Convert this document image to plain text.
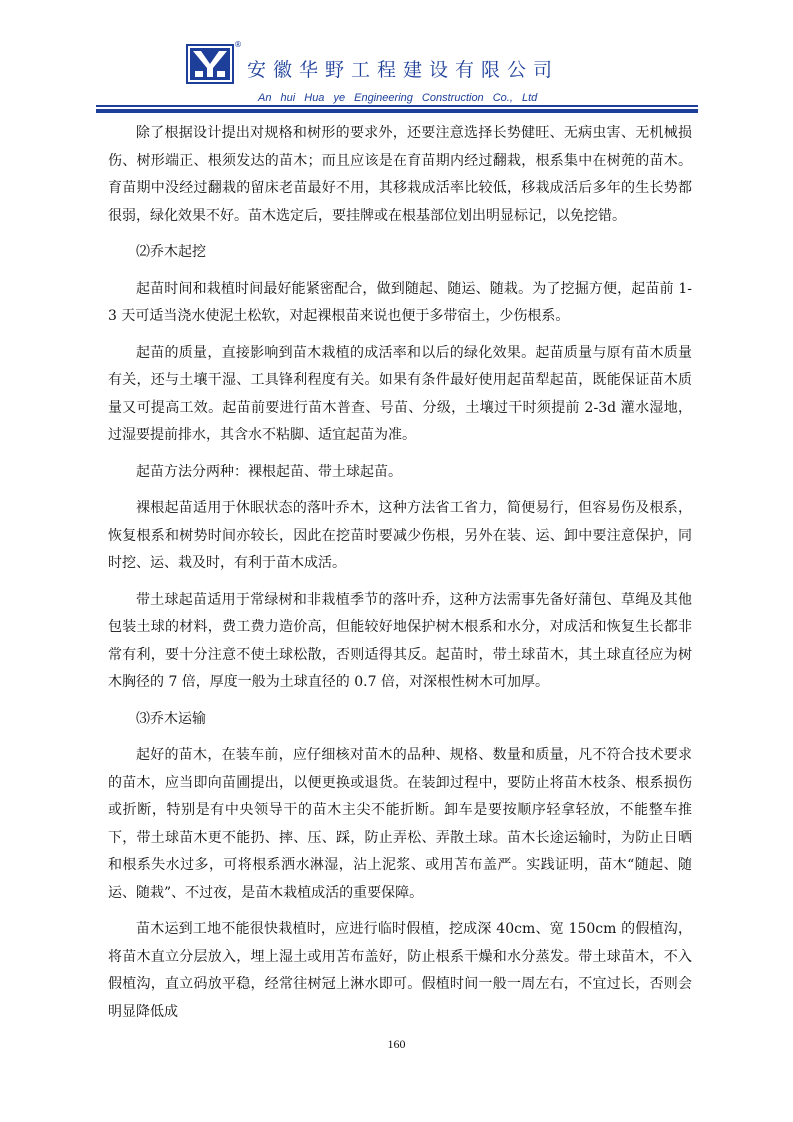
®
安徽华野工程建设有限公司
An hui Hua ye Engineering Construction Co., Ltd

除了根据设计提出对规格和树形的要求外，还要注意选择长势健旺、无病虫害、无机械损伤、树形端正、根须发达的苗木；而且应该是在育苗期内经过翻栽，根系集中在树蔸的苗木。育苗期中没经过翻栽的留床老苗最好不用，其移栽成活率比较低，移栽成活后多年的生长势都很弱，绿化效果不好。苗木选定后，要挂牌或在根基部位划出明显标记，以免挖错。

⑵乔木起挖

起苗时间和栽植时间最好能紧密配合，做到随起、随运、随栽。为了挖掘方便，起苗前 1-3 天可适当浇水使泥土松软，对起裸根苗来说也便于多带宿土，少伤根系。

起苗的质量，直接影响到苗木栽植的成活率和以后的绿化效果。起苗质量与原有苗木质量有关，还与土壤干湿、工具锋利程度有关。如果有条件最好使用起苗犁起苗，既能保证苗木质量又可提高工效。起苗前要进行苗木普查、号苗、分级，土壤过干时须提前 2-3d 灌水湿地，过湿要提前排水，其含水不粘脚、适宜起苗为准。

起苗方法分两种：裸根起苗、带土球起苗。

裸根起苗适用于休眠状态的落叶乔木，这种方法省工省力，简便易行，但容易伤及根系，恢复根系和树势时间亦较长，因此在挖苗时要减少伤根，另外在装、运、卸中要注意保护，同时挖、运、栽及时，有利于苗木成活。

带土球起苗适用于常绿树和非栽植季节的落叶乔，这种方法需事先备好蒲包、草绳及其他包装土球的材料，费工费力造价高，但能较好地保护树木根系和水分，对成活和恢复生长都非常有利，要十分注意不使土球松散，否则适得其反。起苗时，带土球苗木，其土球直径应为树木胸径的 7 倍，厚度一般为土球直径的 0.7 倍，对深根性树木可加厚。

⑶乔木运输

起好的苗木，在装车前，应仔细核对苗木的品种、规格、数量和质量，凡不符合技术要求的苗木，应当即向苗圃提出，以便更换或退货。在装卸过程中，要防止将苗木枝条、根系损伤或折断，特别是有中央领导干的苗木主尖不能折断。卸车是要按顺序轻拿轻放，不能整车推下，带土球苗木更不能扔、摔、压、踩，防止弄松、弄散土球。苗木长途运输时，为防止日晒和根系失水过多，可将根系洒水淋湿，沾上泥浆、或用苫布盖严。实践证明，苗木“随起、随运、随栽”、不过夜，是苗木栽植成活的重要保障。

苗木运到工地不能很快栽植时，应进行临时假植，挖成深 40cm、宽 150cm 的假植沟，将苗木直立分层放入，埋上湿土或用苫布盖好，防止根系干燥和水分蒸发。带土球苗木，不入假植沟，直立码放平稳，经常往树冠上淋水即可。假植时间一般一周左右，不宜过长，否则会明显降低成

160
